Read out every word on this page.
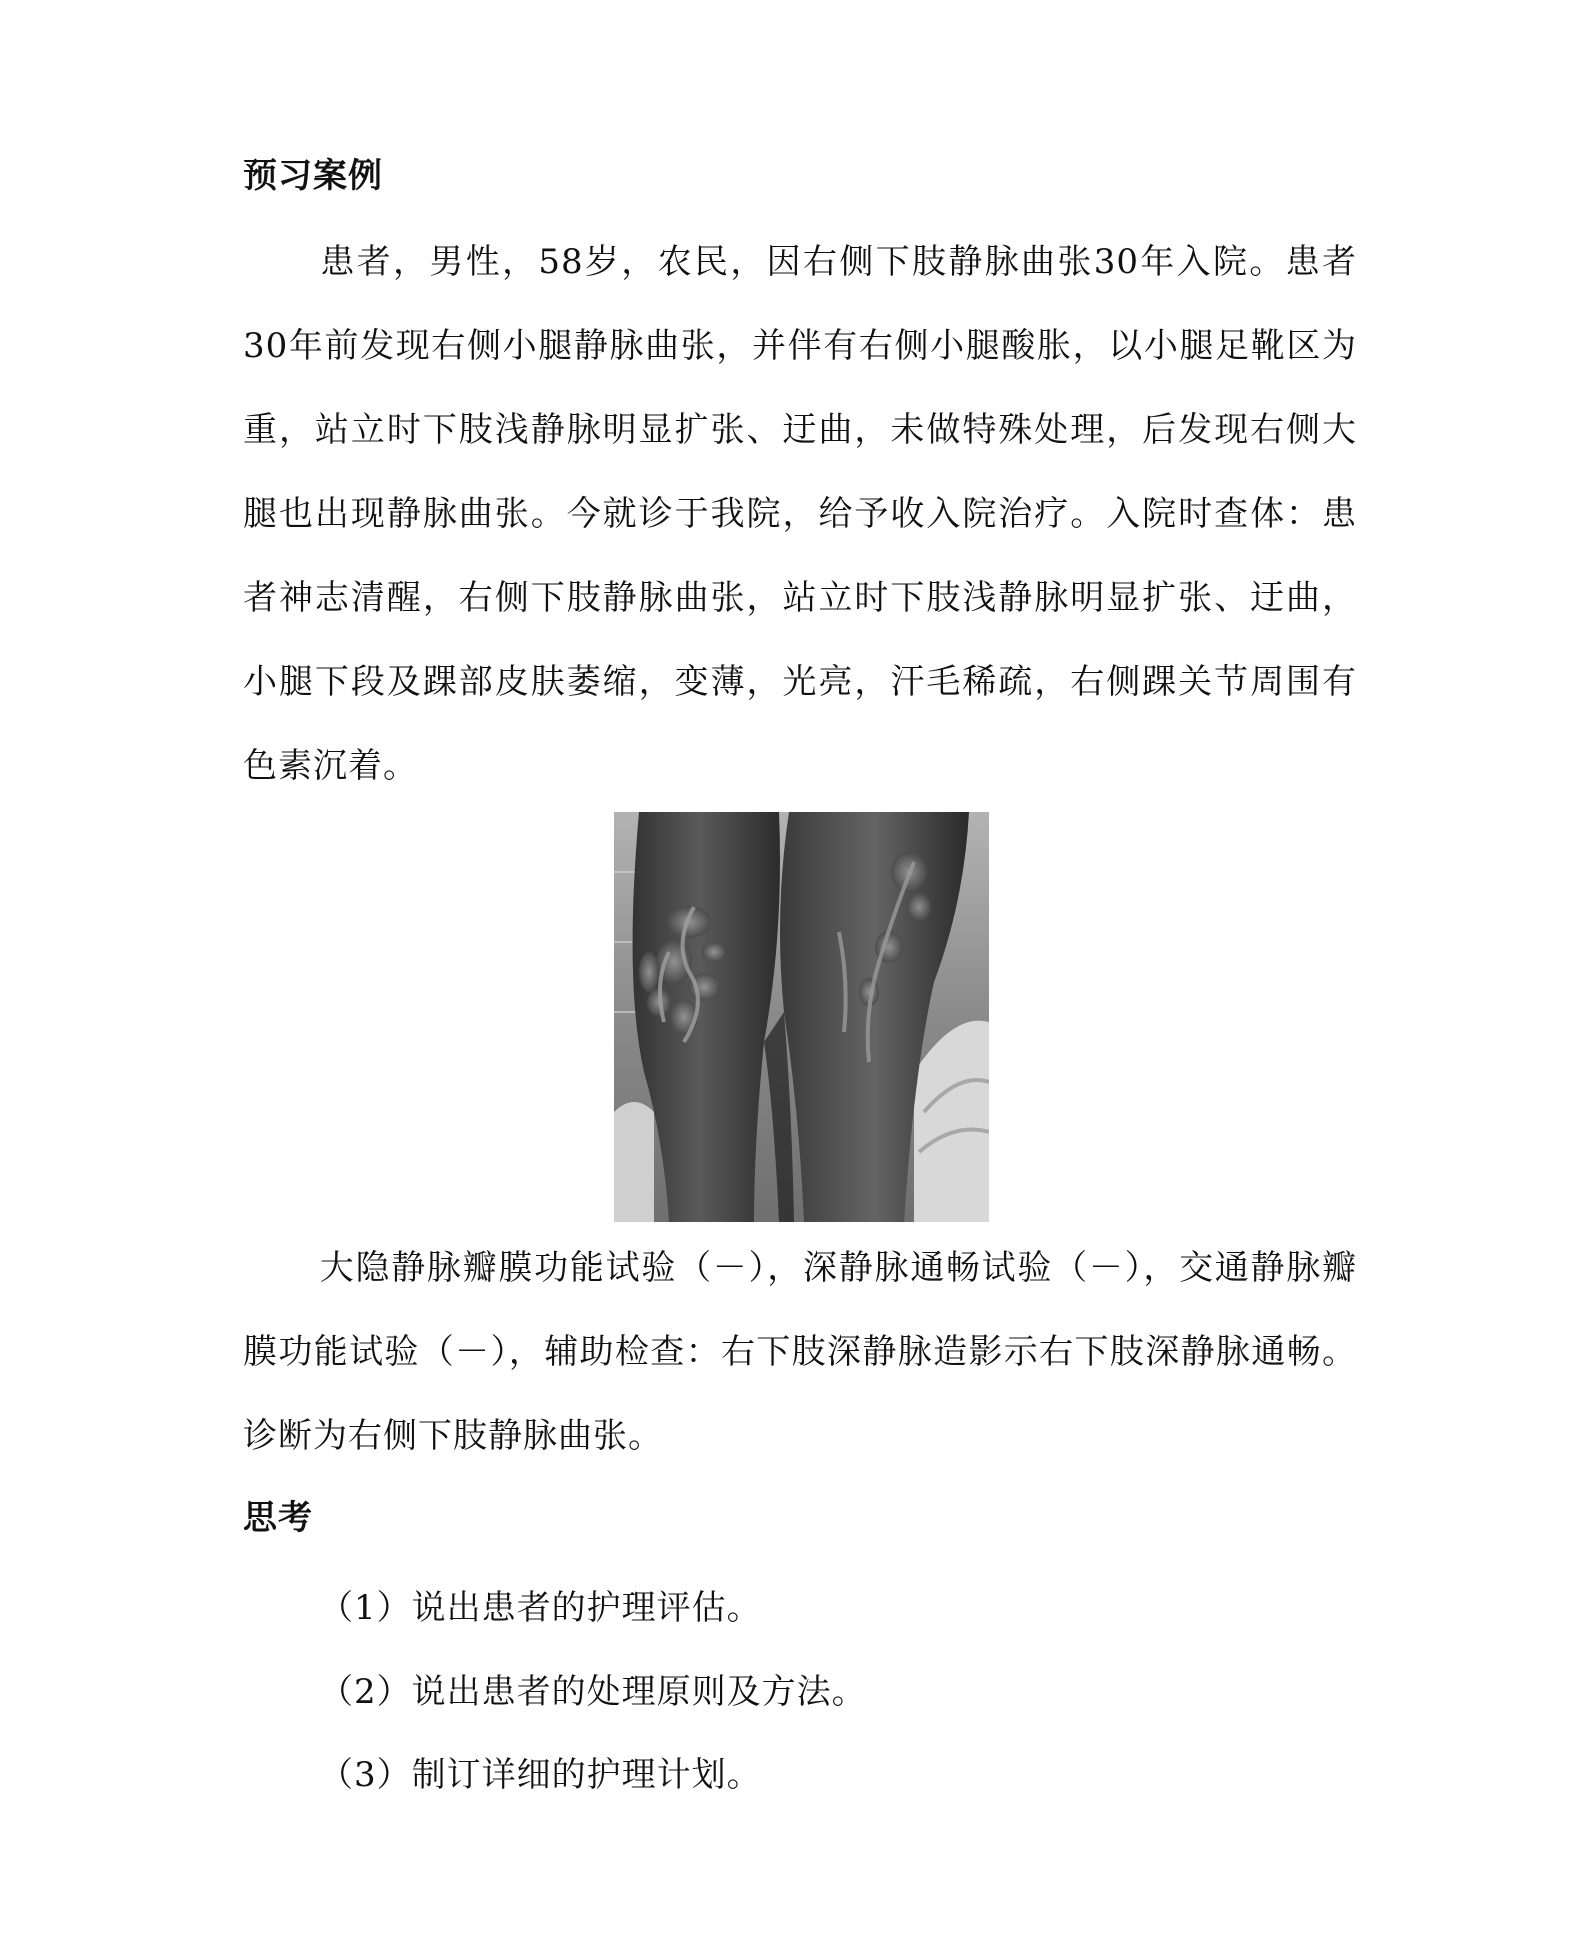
预习案例

患者，男性，58岁，农民，因右侧下肢静脉曲张30年入院。患者30年前发现右侧小腿静脉曲张，并伴有右侧小腿酸胀，以小腿足靴区为重，站立时下肢浅静脉明显扩张、迂曲，未做特殊处理，后发现右侧大腿也出现静脉曲张。今就诊于我院，给予收入院治疗。入院时查体：患者神志清醒，右侧下肢静脉曲张，站立时下肢浅静脉明显扩张、迂曲，小腿下段及踝部皮肤萎缩，变薄，光亮，汗毛稀疏，右侧踝关节周围有色素沉着。

大隐静脉瓣膜功能试验（－），深静脉通畅试验（－），交通静脉瓣膜功能试验（－），辅助检查：右下肢深静脉造影示右下肢深静脉通畅。诊断为右侧下肢静脉曲张。

思考
（1）说出患者的护理评估。
（2）说出患者的处理原则及方法。
（3）制订详细的护理计划。
